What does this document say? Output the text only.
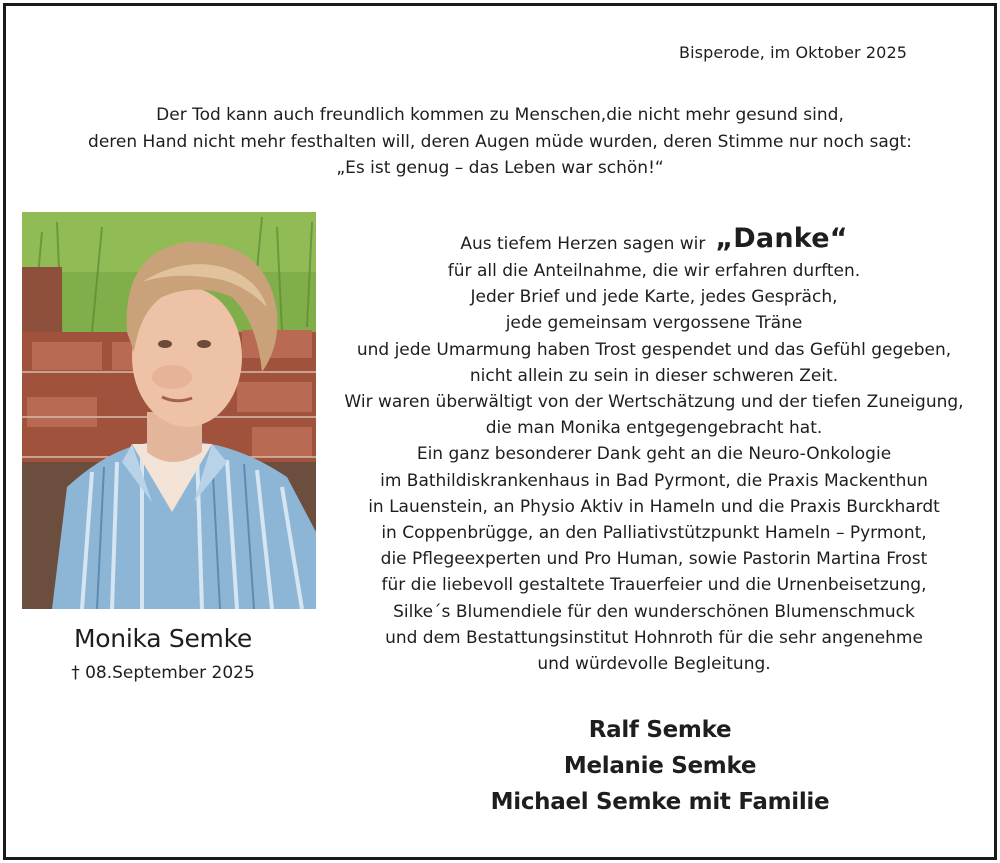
Bisperode, im Oktober 2025
Der Tod kann auch freundlich kommen zu Menschen,die nicht mehr gesund sind,
deren Hand nicht mehr festhalten will, deren Augen müde wurden, deren Stimme nur noch sagt:
„Es ist genug – das Leben war schön!“
Monika Semke
† 08.September 2025
Aus tiefem Herzen sagen wir „Danke“
für all die Anteilnahme, die wir erfahren durften.
Jeder Brief und jede Karte, jedes Gespräch,
jede gemeinsam vergossene Träne
und jede Umarmung haben Trost gespendet und das Gefühl gegeben,
nicht allein zu sein in dieser schweren Zeit.
Wir waren überwältigt von der Wertschätzung und der tiefen Zuneigung,
die man Monika entgegengebracht hat.
Ein ganz besonderer Dank geht an die Neuro-Onkologie
im Bathildiskrankenhaus in Bad Pyrmont, die Praxis Mackenthun
in Lauenstein, an Physio Aktiv in Hameln und die Praxis Burckhardt
in Coppenbrügge, an den Palliativstützpunkt Hameln – Pyrmont,
die Pflegeexperten und Pro Human, sowie Pastorin Martina Frost
für die liebevoll gestaltete Trauerfeier und die Urnenbeisetzung,
Silke´s Blumendiele für den wunderschönen Blumenschmuck
und dem Bestattungsinstitut Hohnroth für die sehr angenehme
und würdevolle Begleitung.
Ralf Semke
Melanie Semke
Michael Semke mit Familie
